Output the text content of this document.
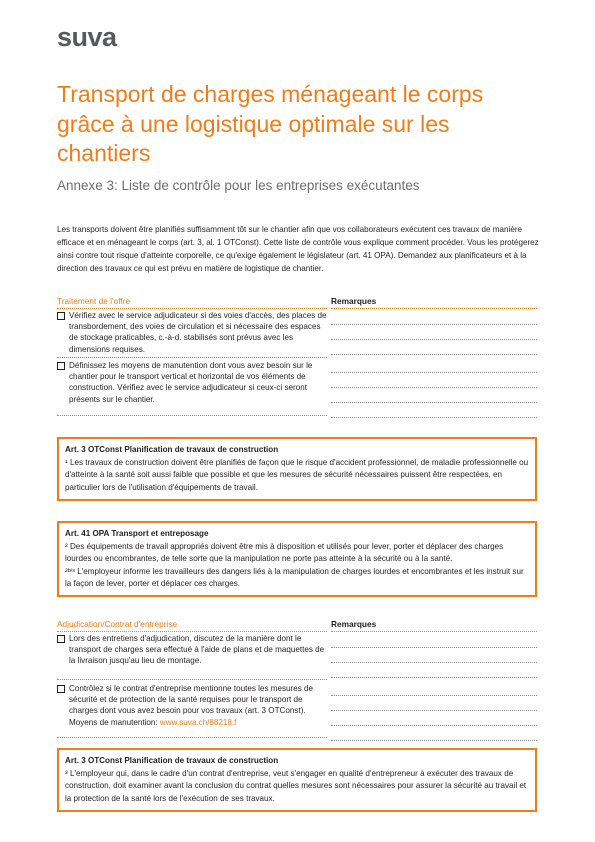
suva
Transport de charges ménageant le corps grâce à une logistique optimale sur les chantiers
Annexe 3: Liste de contrôle pour les entreprises exécutantes
Les transports doivent être planifiés suffisamment tôt sur le chantier afin que vos collaborateurs exécutent ces travaux de manière efficace et en ménageant le corps (art. 3, al. 1 OTConst). Cette liste de contrôle vous explique comment procéder. Vous les protégerez ainsi contre tout risque d'atteinte corporelle, ce qu'exige également le législateur (art. 41 OPA). Demandez aux planificateurs et à la direction des travaux ce qui est prévu en matière de logistique de chantier.
Traitement de l'offre	Remarques
Vérifiez avec le service adjudicateur si des voies d'accès, des places de transbordement, des voies de circulation et si nécessaire des espaces de stockage praticables, c.-à-d. stabilisés sont prévus avec les dimensions requises.
Définissez les moyens de manutention dont vous avez besoin sur le chantier pour le transport vertical et horizontal de vos éléments de construction. Vérifiez avec le service adjudicateur si ceux-ci seront présents sur le chantier.
Art. 3 OTConst Planification de travaux de construction

¹ Les travaux de construction doivent être planifiés de façon que le risque d'accident professionnel, de maladie professionnelle ou d'atteinte à la santé soit aussi faible que possible et que les mesures de sécurité nécessaires puissent être respectées, en particulier lors de l'utilisation d'équipements de travail.

Art. 41 OPA Transport et entreposage

² Des équipements de travail appropriés doivent être mis à disposition et utilisés pour lever, porter et déplacer des charges lourdes ou encombrantes, de telle sorte que la manipulation ne porte pas atteinte à la sécurité ou à la santé.

²ᵇⁱˢ L'employeur informe les travailleurs des dangers liés à la manipulation de charges lourdes et encombrantes et les instruit sur la façon de lever, porter et déplacer ces charges.

Adjudication/Contrat d'entreprise	Remarques
Lors des entretiens d'adjudication, discutez de la manière dont le transport de charges sera effectué à l'aide de plans et de maquettes de la livraison jusqu'au lieu de montage.
Contrôlez si le contrat d'entreprise mentionne toutes les mesures de sécurité et de protection de la santé requises pour le transport de charges dont vous avez besoin pour vos travaux (art. 3 OTConst). Moyens de manutention: www.suva.ch/88218.f
Art. 3 OTConst Planification de travaux de construction

³ L'employeur qui, dans le cadre d'un contrat d'entreprise, veut s'engager en qualité d'entrepreneur à exécuter des travaux de construction, doit examiner avant la conclusion du contrat quelles mesures sont nécessaires pour assurer la sécurité au travail et la protection de la santé lors de l'exécution de ses travaux.
